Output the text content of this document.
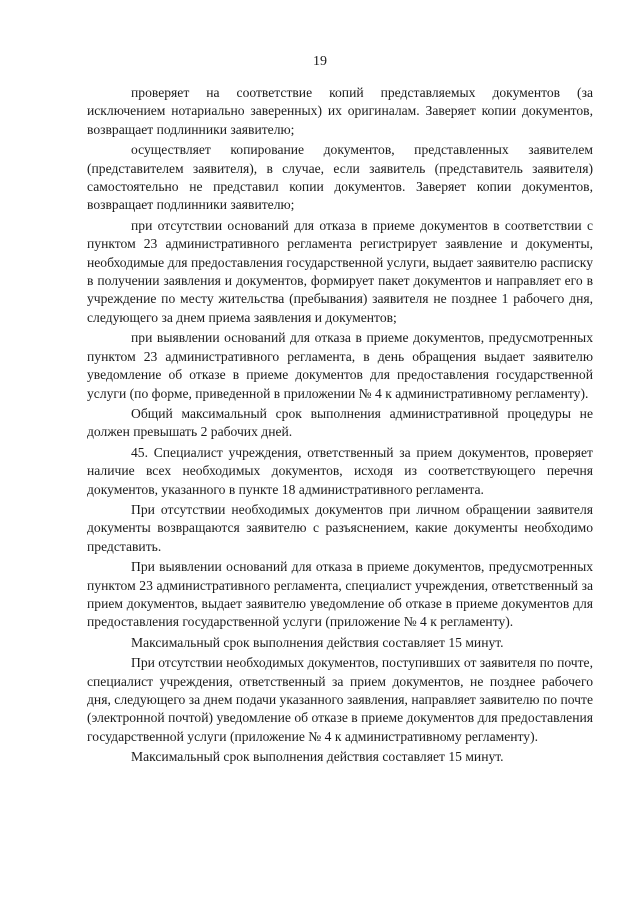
19

проверяет на соответствие копий представляемых документов (за исключением нотариально заверенных) их оригиналам. Заверяет копии документов, возвращает подлинники заявителю;

осуществляет копирование документов, представленных заявителем (представителем заявителя), в случае, если заявитель (представитель заявителя) самостоятельно не представил копии документов. Заверяет копии документов, возвращает подлинники заявителю;

при отсутствии оснований для отказа в приеме документов в соответствии с пунктом 23 административного регламента регистрирует заявление и документы, необходимые для предоставления государственной услуги, выдает заявителю расписку в получении заявления и документов, формирует пакет документов и направляет его в учреждение по месту жительства (пребывания) заявителя не позднее 1 рабочего дня, следующего за днем приема заявления и документов;

при выявлении оснований для отказа в приеме документов, предусмотренных пунктом 23 административного регламента, в день обращения выдает заявителю уведомление об отказе в приеме документов для предоставления государственной услуги (по форме, приведенной в приложении № 4 к административному регламенту).

Общий максимальный срок выполнения административной процедуры не должен превышать 2 рабочих дней.

45. Специалист учреждения, ответственный за прием документов, проверяет наличие всех необходимых документов, исходя из соответствующего перечня документов, указанного в пункте 18 административного регламента.

При отсутствии необходимых документов при личном обращении заявителя документы возвращаются заявителю с разъяснением, какие документы необходимо представить.

При выявлении оснований для отказа в приеме документов, предусмотренных пунктом 23 административного регламента, специалист учреждения, ответственный за прием документов, выдает заявителю уведомление об отказе в приеме документов для предоставления государственной услуги (приложение № 4 к регламенту).

Максимальный срок выполнения действия составляет 15 минут.

При отсутствии необходимых документов, поступивших от заявителя по почте, специалист учреждения, ответственный за прием документов, не позднее рабочего дня, следующего за днем подачи указанного заявления, направляет заявителю по почте (электронной почтой) уведомление об отказе в приеме документов для предоставления государственной услуги (приложение № 4 к административному регламенту).

Максимальный срок выполнения действия составляет 15 минут.
